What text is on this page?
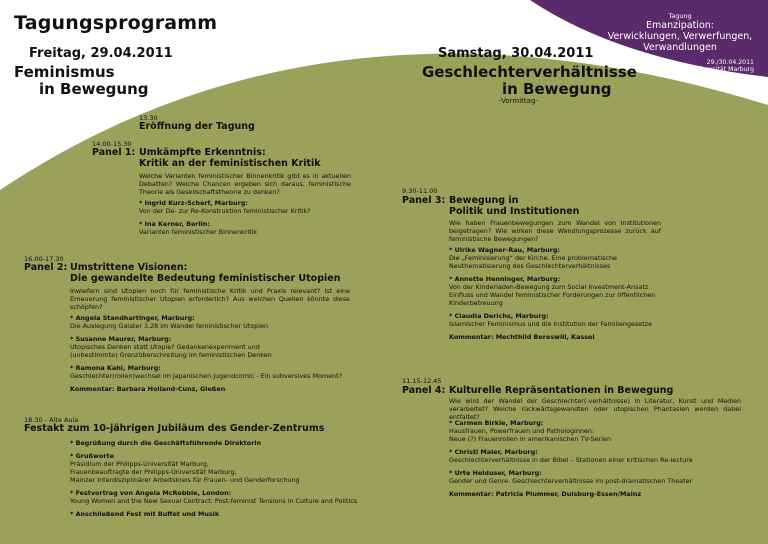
Tagungsprogramm	Tagung
Emanzipation:
Verwicklungen, Verwerfungen,
Verwandlungen
29./30.04.2011
Universität Marburg
Freitag, 29.04.2011
Feminismus
in Bewegung
Samstag, 30.04.2011
Geschlechterverhältnisse
in Bewegung
-Vormittag-
13.30
Eröffnung der Tagung
14.00-15.30
Panel 1: Umkämpfte Erkenntnis:
Kritik an der feministischen Kritik
Welche Varianten feministischer Binnenkritik gibt es in aktuellen Debatten? Welche Chancen ergeben sich daraus, feministische Theorie als Gesellschaftstheorie zu denken?
* Ingrid Kurz-Scherf, Marburg:
Von der De- zur Re-Konstruktion feministischer Kritik?
* Ina Kerner, Berlin:
Varianten feministischer Binnenkritik
16.00-17.30
Panel 2: Umstrittene Visionen:
Die gewandelte Bedeutung feministischer Utopien
Inwiefern sind Utopien noch für feministische Kritik und Praxis relevant? Ist eine Erneuerung feministischer Utopien erforderlich? Aus welchen Quellen könnte diese schöpfen?
* Angela Standhartinger, Marburg:
Die Auslegung Galater 3,28 im Wandel feministischer Utopien
* Susanne Maurer, Marburg:
Utopisches Denken statt Utopie? Gedankenexperiment und (unbestimmte) Grenzüberschreitung im feministischen Denken
* Ramona Kahl, Marburg:
Geschlechter(rollen)wechsel im japanischen Jugendcomic - Ein subversives Moment?
Kommentar: Barbara Holland-Cunz, Gießen
18.30 - Alte Aula
Festakt zum 10-jährigen Jubiläum des Gender-Zentrums
* Begrüßung durch die Geschäftsführende Direktorin
* Grußworte
Präsidium der Philipps-Universität Marburg,
Frauenbeauftragte der Philipps-Universität Marburg,
Mainzer Interdisziplinärer Arbeitskreis für Frauen- und Genderforschung
* Festvortrag von Angela McRobbie, London:
Young Women and the New Sexual Contract: Post-feminist Tensions in Culture and Politics
* Anschließend Fest mit Buffet und Musik
9.30-11.00
Panel 3: Bewegung in
Politik und Institutionen
Wie haben Frauenbewegungen zum Wandel von Institutionen beigetragen? Wie wirken diese Wandlungsprozesse zurück auf feministische Bewegungen?
* Ulrike Wagner-Rau, Marburg:
Die „Feminisierung“ der Kirche. Eine problematische Neuthematisierung des Geschlechterverhältnisses
* Annette Henninger, Marburg:
Von der Kinderladen-Bewegung zum Social Investment-Ansatz Einfluss und Wandel feministischer Forderungen zur öffentlichen Kinderbetreuung
* Claudia Derichs, Marburg:
Islamischer Feminismus und die Institution der Familiengesetze
Kommentar: Mechthild Bereswill, Kassel
11.15-12.45
Panel 4: Kulturelle Repräsentationen in Bewegung
Wie wird der Wandel der Geschlechter(-verhältnisse) in Literatur, Kunst und Medien verarbeitet? Welche rückwärtsgewandten oder utopischen Phantasien werden dabei entfaltet?
* Carmen Birkle, Marburg:
Hausfrauen, Powerfrauen und Pathologinnen:
Neue (?) Frauenrollen in amerikanischen TV-Serien
* Christl Maier, Marburg:
Geschlechterverhältnisse in der Bibel – Stationen einer kritischen Re-lecture
* Urte Helduser, Marburg:
Gender und Genre. Geschlechterverhältnisse im post-dramatischen Theater
Kommentar: Patricia Plummer, Duisburg-Essen/Mainz
